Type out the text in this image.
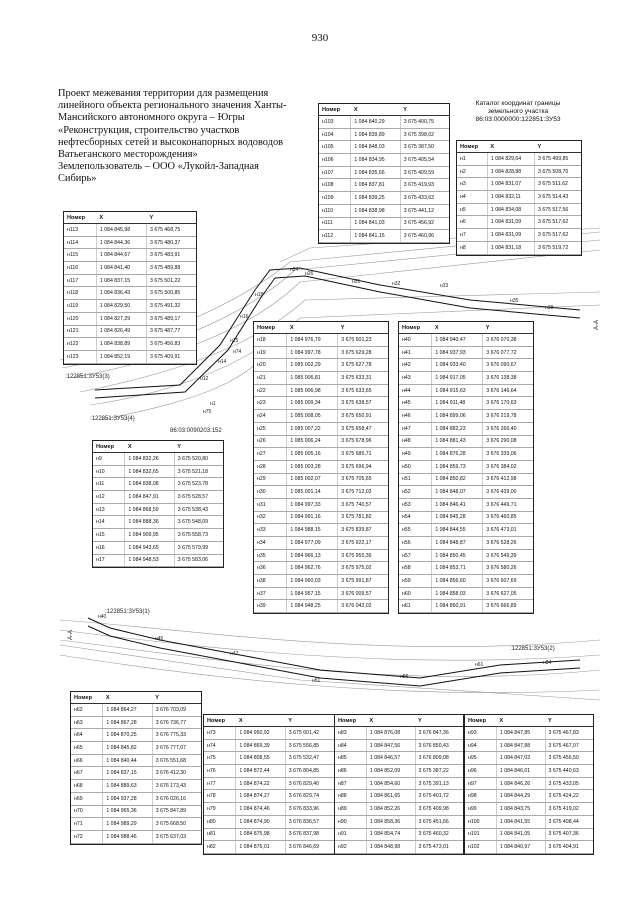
930
Проект межевания территории для размещения
линейного объекта регионального значения Ханты-
Мансийского автономного округа – Югры
«Реконструкция, строительство участков
нефтесборных сетей и высоконапорных водоводов
Ватьеганского месторождения»
Землепользователь – ООО «Лукойл-Западная
Сибирь»
н1
н12
н14
н15
н16
н18
н24
н26
н31	н32	н33
н35
н38
н74
н75
н40
н45
н47
н51
н56
н61	н84
:122851:ЗУ53(3)
:122851:ЗУ53(4)
86:03:0090203:152
:122851:ЗУ53(1)
:122851:ЗУ53(2)
А-А
А-А
Каталог координат границы
земельного участка
86:03:0000000:122851:ЗУ53
Номер	X	Y
н1	1 084 829,64	3 675 499,85
н2	1 084 828,88	3 675 508,70
н3	1 084 831,07	3 675 511,62
н4	1 084 832,11	3 675 514,43
н5	1 084 834,08	3 675 517,56
н6	1 084 831,09	3 675 517,62
н7	1 084 831,09	3 675 517,62
н8	1 084 831,18	3 675 519,72
Номер	X	Y
н103	1 084 840,29	3 675 400,75
н104	1 084 839,89	3 675 398,02
н105	1 084 848,03	3 675 387,50
н106	1 084 834,95	3 675 405,54
н107	1 084 835,66	3 675 409,59
н108	1 084 837,81	3 675 419,93
н109	1 084 839,25	3 675 433,63
н110	1 084 838,98	3 675 441,12
н111	1 084 841,03	3 675 456,92
н112	1 084 841,15	3 675 460,96
Номер	X	Y
н113	1 084 845,98	3 675 468,75
н114	1 084 844,36	3 675 480,37
н115	1 084 844,67	3 675 483,91
н116	1 084 841,40	3 675 489,88
н117	1 084 837,15	3 675 501,22
н118	1 084 836,43	3 675 500,85
н119	1 084 829,50	3 675 491,32
н120	1 084 827,29	3 675 489,17
н121	1 084 826,49	3 675 487,77
н122	1 084 838,89	3 675 456,83
н123	1 084 852,19	3 675 409,91
Номер	X	Y
н18	1 084 976,79	3 675 601,23
н19	1 084 997,78	3 675 629,28
н20	1 085 002,29	3 675 627,78
н21	1 085 006,81	3 675 633,31
н22	1 085 006,98	3 675 633,65
н23	1 085 009,34	3 675 638,57
н24	1 085 008,05	3 675 650,91
н25	1 085 007,22	3 675 658,47
н26	1 085 006,24	3 675 678,96
н27	1 085 005,16	3 675 685,71
н28	1 085 003,28	3 675 696,94
н29	1 085 002,07	3 675 705,65
н30	1 085 001,14	3 675 712,03
н31	1 084 997,33	3 675 740,57
н32	1 084 991,16	3 675 781,82
н33	1 084 988,15	3 675 839,87
н34	1 084 977,09	3 675 922,17
н35	1 084 966,13	3 675 955,36
н36	1 084 962,76	3 675 975,02
н38	1 084 960,03	3 675 991,87
н37	1 084 957,15	3 676 009,57
н39	1 084 948,25	3 676 042,02
Номер	X	Y
н40	1 084 940,47	3 676 070,38
н41	1 084 937,93	3 676 077,72
н42	1 084 933,40	3 676 090,67
н43	1 084 917,05	3 676 138,38
н44	1 084 915,63	3 676 146,64
н45	1 084 911,48	3 676 170,63
н46	1 084 899,06	3 676 219,78
н47	1 084 882,23	3 676 266,40
н48	1 084 881,43	3 676 290,08
н49	1 084 876,28	3 676 339,06
н50	1 084 859,73	3 676 384,02
н51	1 084 850,82	3 676 412,98
н52	1 084 848,07	3 676 439,00
н53	1 084 846,41	3 676 449,71
н54	1 084 845,28	3 676 460,85
н55	1 084 844,55	3 676 473,01
н56	1 084 848,87	3 676 528,26
н57	1 084 850,45	3 676 549,39
н58	1 084 853,71	3 676 580,26
н59	1 084 856,60	3 676 607,69
н60	1 084 858,03	3 676 627,05
н61	1 084 860,91	3 676 666,89
Номер	X	Y
н9	1 084 832,26	3 675 520,80
н10	1 084 832,65	3 675 521,18
н11	1 084 838,08	3 675 523,78
н12	1 084 847,91	3 675 528,57
н13	1 084 868,59	3 675 538,43
н14	1 084 888,36	3 675 548,09
н15	1 084 909,95	3 675 558,73
н16	1 084 943,65	3 675 579,99
н17	1 084 948,53	3 675 583,06
Номер	X	Y
н62	1 084 864,27	3 676 703,09
н63	1 084 867,28	3 676 736,77
н64	1 084 870,25	3 676 775,33
н65	1 084 845,82	3 676 777,07
н66	1 084 840,44	3 676 551,68
н67	1 084 837,15	3 676 412,30
н68	1 084 889,63	3 676 173,43
н69	1 084 937,28	3 676 026,16
н70	1 084 965,36	3 675 847,89
н71	1 084 989,29	3 675 668,50
н72	1 084 988,46	3 675 637,03
Номер	X	Y
н73	1 084 950,92	3 675 601,42
н74	1 084 869,39	3 675 556,85
н75	1 084 808,55	3 675 532,47
н76	1 084 872,44	3 676 804,85
н77	1 084 874,22	3 676 829,40
н78	1 084 874,27	3 676 829,74
н79	1 084 874,46	3 676 833,96
н80	1 084 874,90	3 676 836,57
н81	1 084 875,98	3 676 837,98
н82	1 084 876,01	3 676 846,69
Номер	X	Y
н83	1 084 876,08	3 676 847,36
н84	1 084 847,56	3 676 850,43
н85	1 084 846,57	3 676 809,08
н86	1 084 852,09	3 675 387,22
н87	1 084 854,60	3 675 391,13
н88	1 084 861,65	3 675 401,72
н89	1 084 852,26	3 675 409,98
н90	1 084 858,36	3 675 451,66
н91	1 084 854,74	3 675 460,32
н92	1 084 848,98	3 675 473,01
Номер	X	Y
н93	1 084 847,85	3 675 467,83
н94	1 084 847,88	3 675 467,07
н95	1 084 847,03	3 675 456,50
н96	1 084 846,01	3 675 440,63
н97	1 084 846,26	3 675 433,05
н98	1 084 844,29	3 675 424,22
н99	1 084 843,75	3 675 419,02
н100	1 084 841,55	3 675 408,44
н101	1 084 841,05	3 675 407,36
н102	1 084 840,97	3 675 404,91
